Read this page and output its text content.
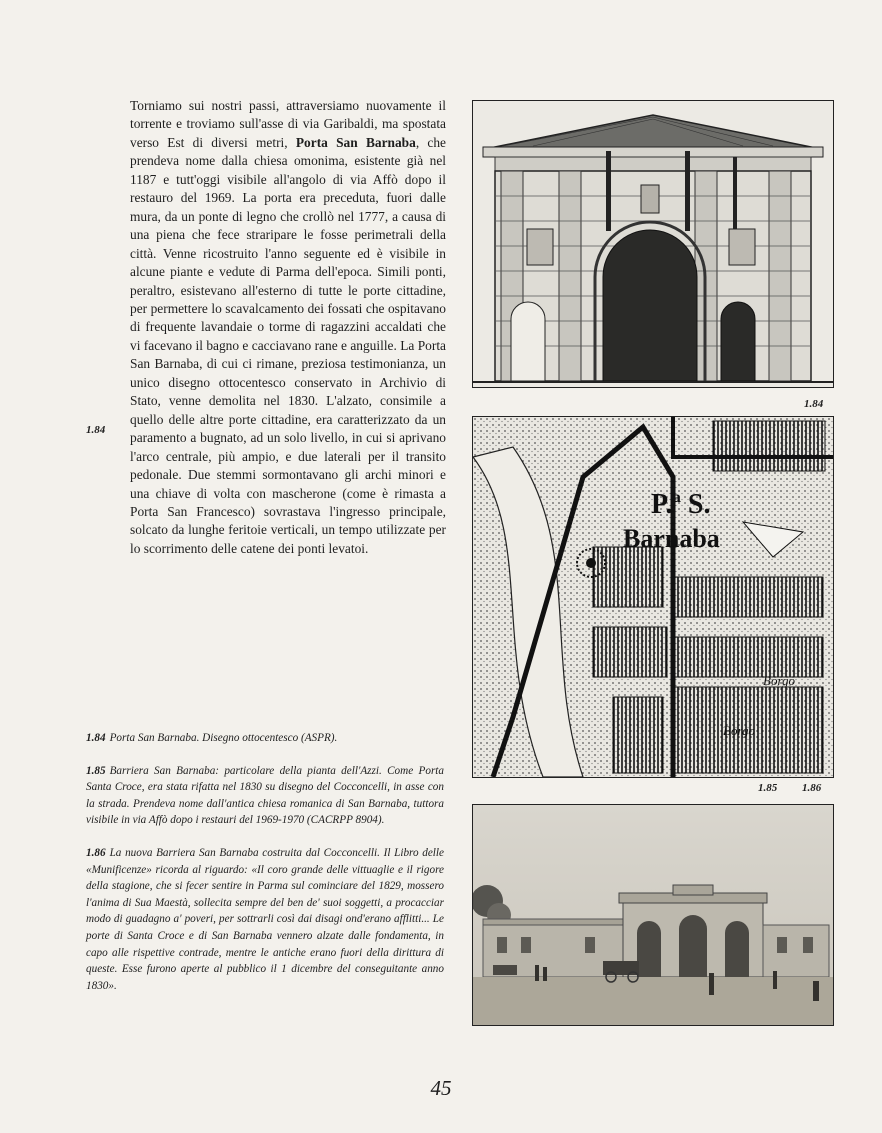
Torniamo sui nostri passi, attraversiamo nuovamente il torrente e troviamo sull'asse di via Garibaldi, ma spostata verso Est di diversi metri, Porta San Barnaba, che prendeva nome dalla chiesa omonima, esistente già nel 1187 e tutt'oggi visibile all'angolo di via Affò dopo il restauro del 1969. La porta era preceduta, fuori dalle mura, da un ponte di legno che crollò nel 1777, a causa di una piena che fece straripare le fosse perimetrali della città. Venne ricostruito l'anno seguente ed è visibile in alcune piante e vedute di Parma dell'epoca. Simili ponti, peraltro, esistevano all'esterno di tutte le porte cittadine, per permettere lo scavalcamento dei fossati che ospitavano di frequente lavandaie o torme di ragazzini accaldati che vi facevano il bagno e cacciavano rane e anguille. La Porta San Barnaba, di cui ci rimane, preziosa testimonianza, un unico disegno ottocentesco conservato in Archivio di Stato, venne demolita nel 1830. L'alzato, consimile a quello delle altre porte cittadine, era caratterizzato da un paramento a bugnato, ad un solo livello, in cui si aprivano l'arco centrale, più ampio, e due laterali per il transito pedonale. Due stemmi sormontavano gli archi minori e una chiave di volta con mascherone (come è rimasta a Porta San Francesco) sovrastava l'ingresso principale, solcato da lunghe feritoie verticali, un tempo utilizzate per lo scorrimento delle catene dei ponti levatoi.

1.84

1.84 Porta San Barnaba. Disegno ottocentesco (ASPR).

1.85 Barriera San Barnaba: particolare della pianta dell'Azzi. Come Porta Santa Croce, era stata rifatta nel 1830 su disegno del Cocconcelli, in asse con la strada. Prendeva nome dall'antica chiesa romanica di San Barnaba, tuttora visibile in via Affò dopo i restauri del 1969-1970 (CACRPP 8904).

1.86 La nuova Barriera San Barnaba costruita dal Cocconcelli. Il Libro delle «Munificenze» ricorda al riguardo: «Il coro grande delle vittuaglie e il rigore della stagione, che si fecer sentire in Parma sul cominciare del 1829, mossero l'anima di Sua Maestà, sollecita sempre del ben de' suoi soggetti, a procacciar modo di guadagno a' poveri, per sottrarli così dai disagi ond'erano afflitti... Le porte di Santa Croce e di San Barnaba vennero alzate dalle fondamenta, in capo alle rispettive contrade, mentre le antiche erano fuori della dirittura di queste. Esse furono aperte al pubblico il 1 dicembre del conseguitante anno 1830».

1.84
P.ª S.
Barnaba
Borgo
Borgo
1.85 1.86
45
